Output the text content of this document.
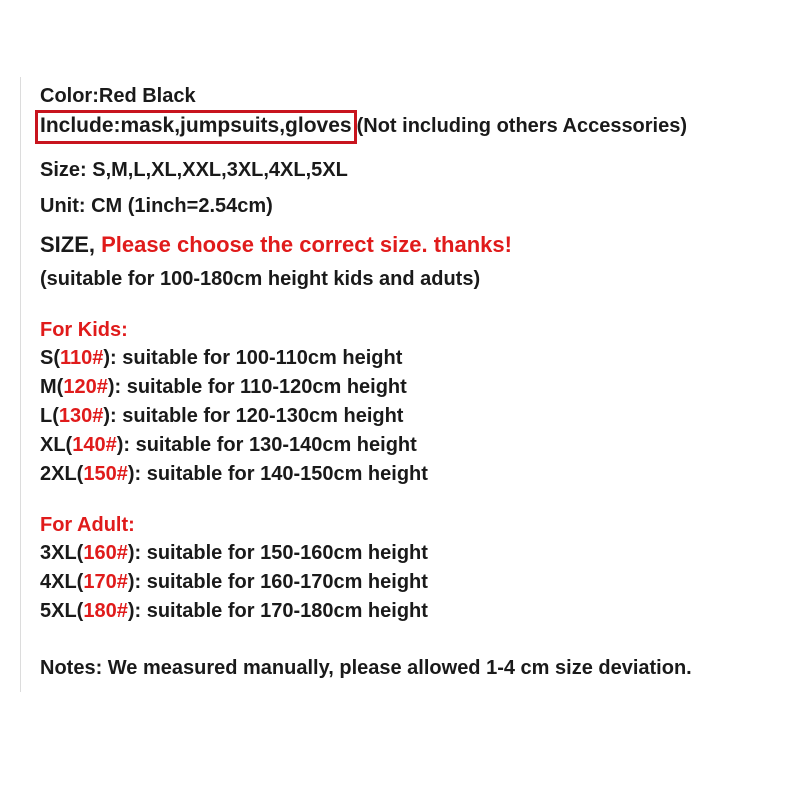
Color:Red Black
Include:mask,jumpsuits,gloves (Not including others Accessories)
Size: S,M,L,XL,XXL,3XL,4XL,5XL
Unit: CM (1inch=2.54cm)
SIZE, Please choose the correct size. thanks!
(suitable for 100-180cm height kids and aduts)
For Kids:
S(110#): suitable for 100-110cm height
M(120#): suitable for 110-120cm height
L(130#): suitable for 120-130cm height
XL(140#): suitable for 130-140cm height
2XL(150#): suitable for 140-150cm height
For Adult:
3XL(160#): suitable for 150-160cm height
4XL(170#): suitable for 160-170cm height
5XL(180#): suitable for 170-180cm height
Notes: We measured manually, please allowed 1-4 cm size deviation.
